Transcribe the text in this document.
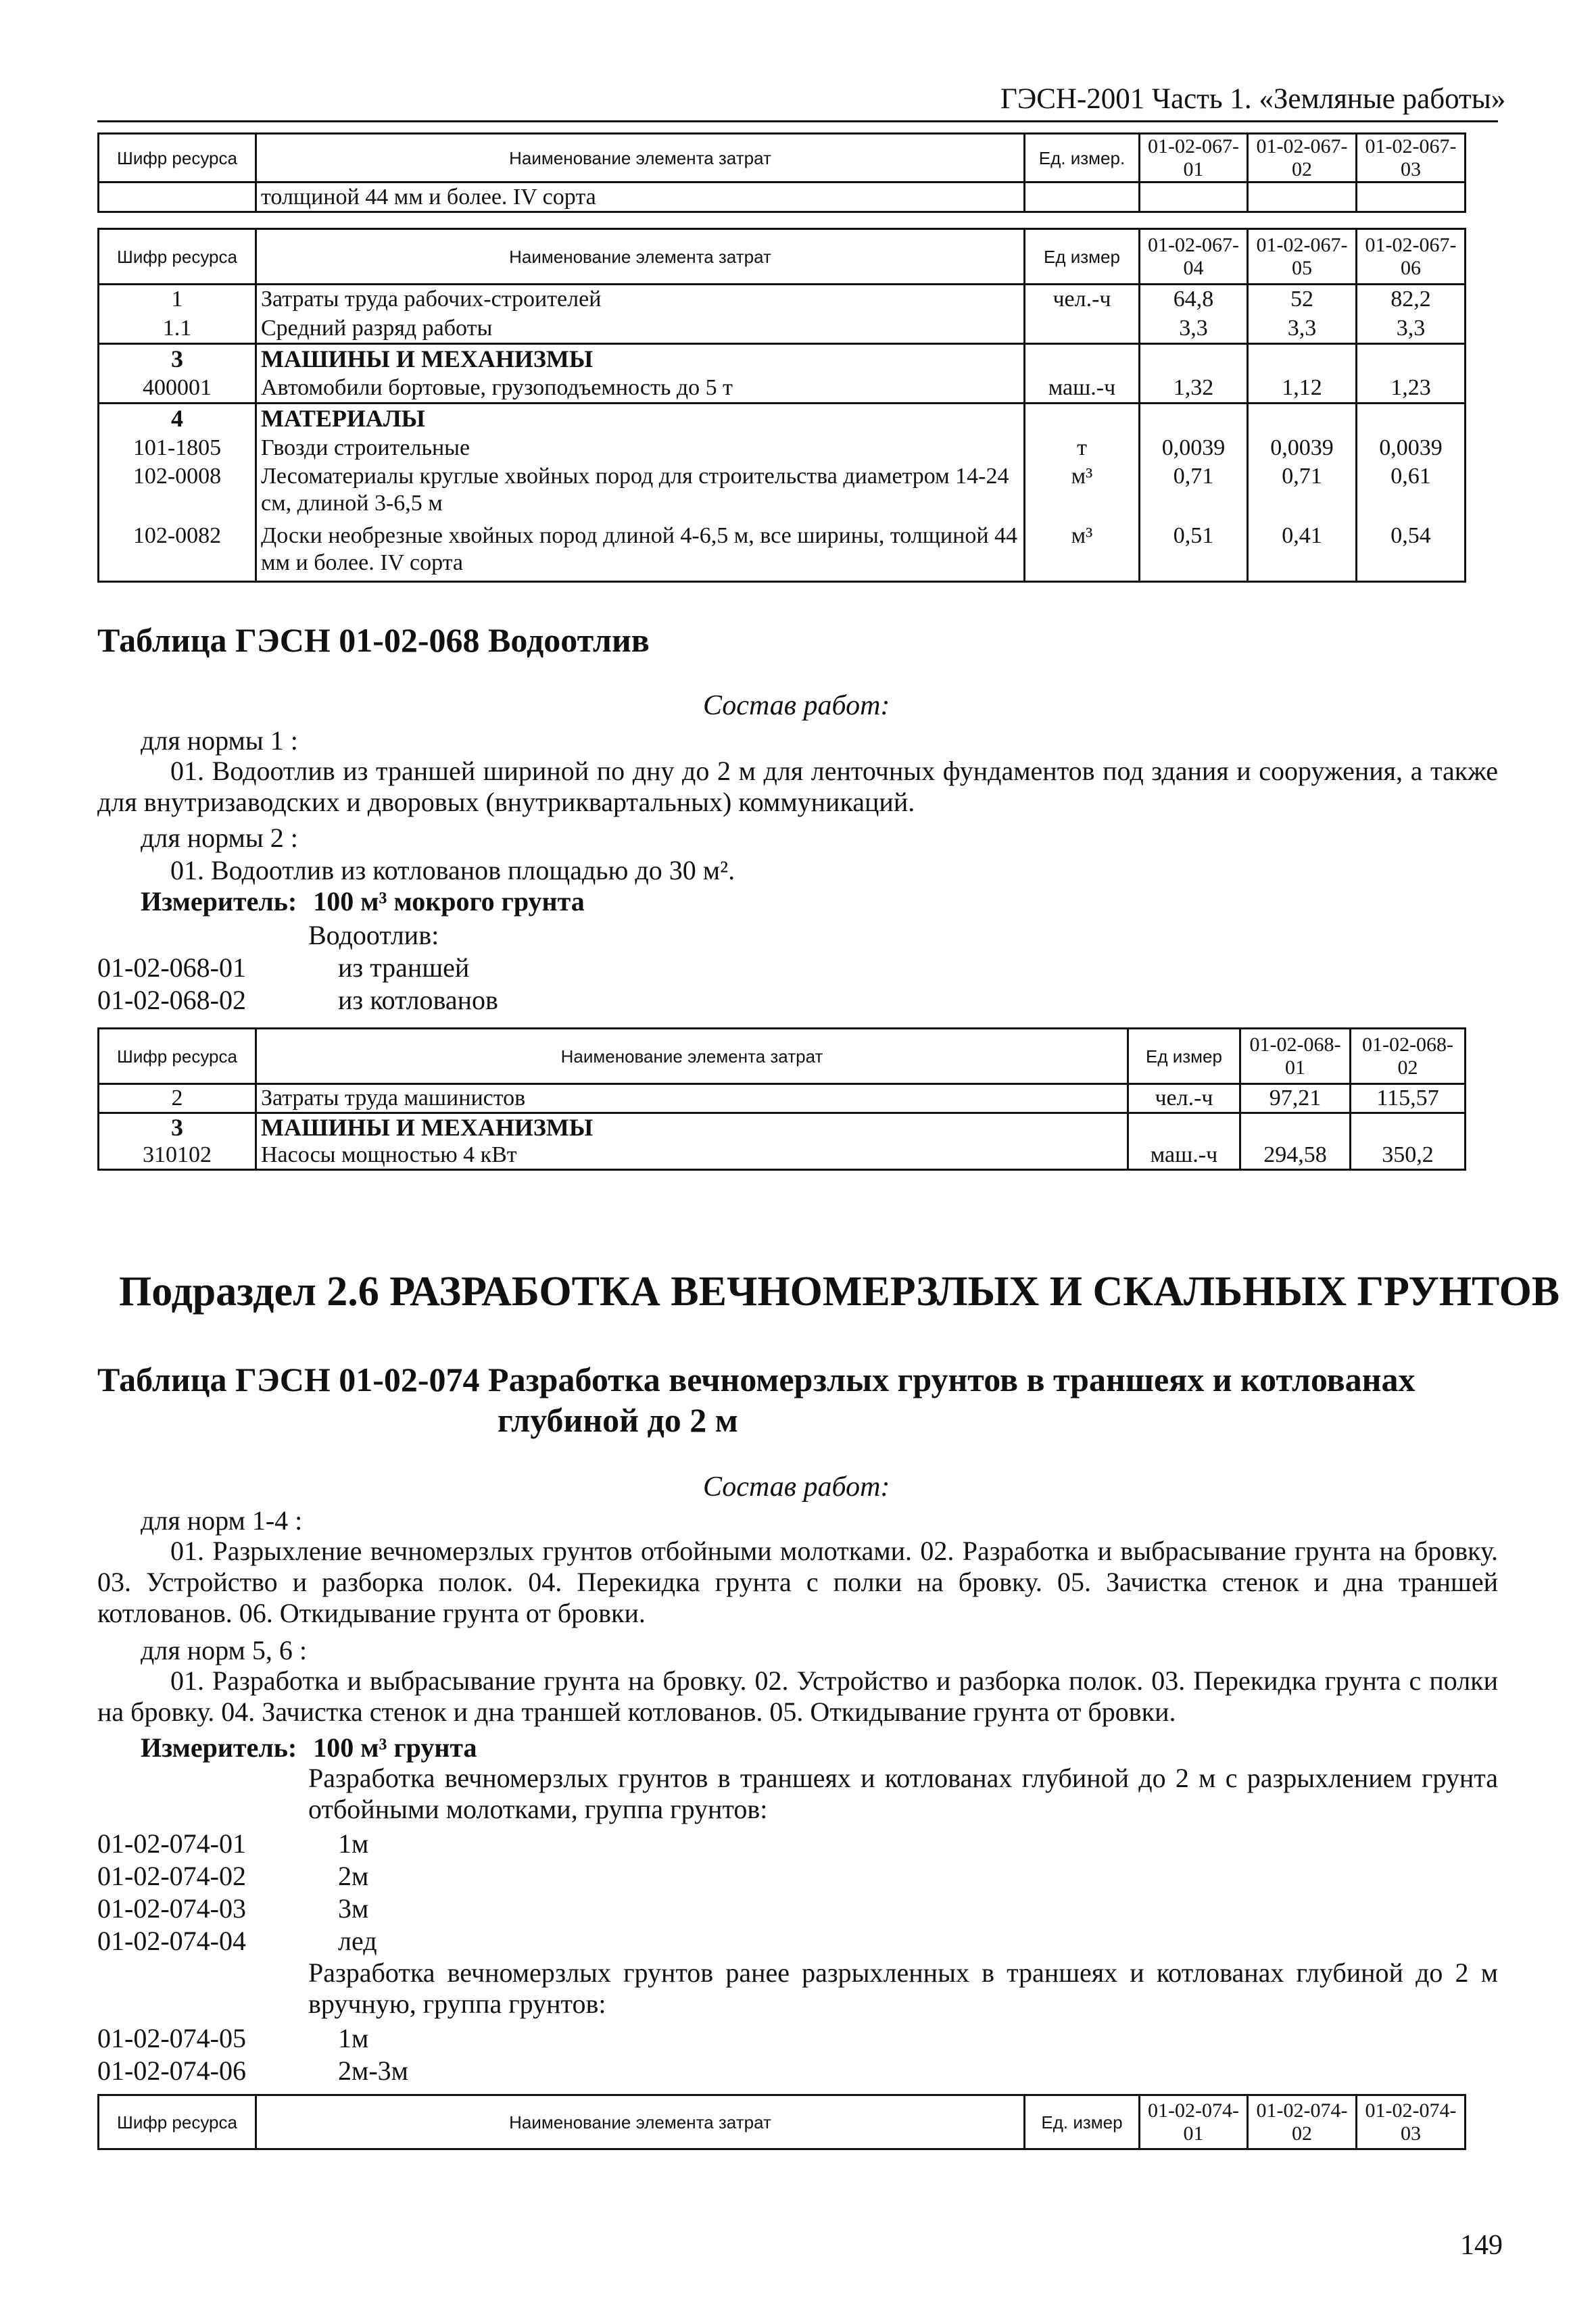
ГЭСН-2001 Часть 1. «Земляные работы»
Шифр ресурса	Наименование элемента затрат	Ед. измер.	01-02-067-01	01-02-067-02	01-02-067-03
	толщиной 44 мм и более. IV сорта				
Шифр ресурса	Наименование элемента затрат	Ед измер	01-02-067-04	01-02-067-05	01-02-067-06
1	Затраты труда рабочих-строителей	чел.-ч	64,8	52	82,2
1.1	Средний разряд работы		3,3	3,3	3,3
3	МАШИНЫ И МЕХАНИЗМЫ				
400001	Автомобили бортовые, грузоподъемность до 5 т	маш.-ч	1,32	1,12	1,23
4	МАТЕРИАЛЫ				
101-1805	Гвозди строительные	т	0,0039	0,0039	0,0039
102-0008	Лесоматериалы круглые хвойных пород для строительства диаметром 14-24 см, длиной 3-6,5 м	м³	0,71	0,71	0,61
102-0082	Доски необрезные хвойных пород длиной 4-6,5 м, все ширины, толщиной 44 мм и более. IV сорта	м³	0,51	0,41	0,54
Таблица ГЭСН 01-02-068 Водоотлив
Состав работ:
для нормы 1 :
01. Водоотлив из траншей шириной по дну до 2 м для ленточных фундаментов под здания и сооружения, а также для внутризаводских и дворовых (внутриквартальных) коммуникаций.
для нормы 2 :
01. Водоотлив из котлованов площадью до 30 м².
Измеритель: 100 м³ мокрого грунта
Водоотлив:
01-02-068-01	из траншей
01-02-068-02	из котлованов
Шифр ресурса	Наименование элемента затрат	Ед измер	01-02-068-01	01-02-068-02
2	Затраты труда машинистов	чел.-ч	97,21	115,57
3	МАШИНЫ И МЕХАНИЗМЫ			
310102	Насосы мощностью 4 кВт	маш.-ч	294,58	350,2
Подраздел 2.6 РАЗРАБОТКА ВЕЧНОМЕРЗЛЫХ И СКАЛЬНЫХ ГРУНТОВ
Таблица ГЭСН 01-02-074 Разработка вечномерзлых грунтов в траншеях и котлованах
глубиной до 2 м
Состав работ:
для норм 1-4 :
01. Разрыхление вечномерзлых грунтов отбойными молотками. 02. Разработка и выбрасывание грунта на бровку. 03. Устройство и разборка полок. 04. Перекидка грунта с полки на бровку. 05. Зачистка стенок и дна траншей котлованов. 06. Откидывание грунта от бровки.
для норм 5, 6 :
01. Разработка и выбрасывание грунта на бровку. 02. Устройство и разборка полок. 03. Перекидка грунта с полки на бровку. 04. Зачистка стенок и дна траншей котлованов. 05. Откидывание грунта от бровки.
Измеритель: 100 м³ грунта
Разработка вечномерзлых грунтов в траншеях и котлованах глубиной до 2 м с разрыхлением грунта отбойными молотками, группа грунтов:
01-02-074-01	1м
01-02-074-02	2м
01-02-074-03	3м
01-02-074-04	лед
Разработка вечномерзлых грунтов ранее разрыхленных в траншеях и котлованах глубиной до 2 м вручную, группа грунтов:
01-02-074-05	1м
01-02-074-06	2м-3м
Шифр ресурса	Наименование элемента затрат	Ед. измер	01-02-074-01	01-02-074-02	01-02-074-03
149
